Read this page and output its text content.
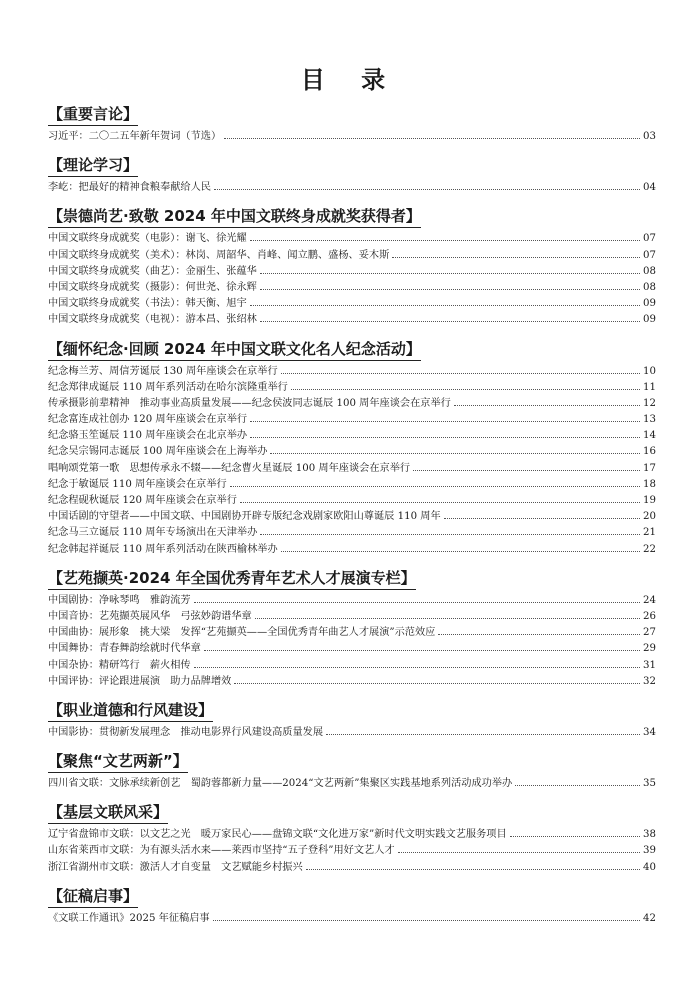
目 录
【重要言论】
习近平：二〇二五年新年贺词（节选）	03
【理论学习】
李屹：把最好的精神食粮奉献给人民	04
【崇德尚艺·致敬 2024 年中国文联终身成就奖获得者】
中国文联终身成就奖（电影）：谢飞、徐光耀	07
中国文联终身成就奖（美术）：林岗、周韶华、肖峰、闻立鹏、盛杨、妥木斯	07
中国文联终身成就奖（曲艺）：金丽生、张蕴华	08
中国文联终身成就奖（摄影）：何世尧、徐永辉	08
中国文联终身成就奖（书法）：韩天衡、旭宇	09
中国文联终身成就奖（电视）：游本昌、张绍林	09
【缅怀纪念·回顾 2024 年中国文联文化名人纪念活动】
纪念梅兰芳、周信芳诞辰 130 周年座谈会在京举行	10
纪念郑律成诞辰 110 周年系列活动在哈尔滨隆重举行	11
传承摄影前辈精神　推动事业高质量发展——纪念侯波同志诞辰 100 周年座谈会在京举行	12
纪念富连成社创办 120 周年座谈会在京举行	13
纪念骆玉笙诞辰 110 周年座谈会在北京举办	14
纪念吴宗锡同志诞辰 100 周年座谈会在上海举办	16
唱响颂党第一歌　思想传承永不辍——纪念曹火星诞辰 100 周年座谈会在京举行	17
纪念于敏诞辰 110 周年座谈会在京举行	18
纪念程砚秋诞辰 120 周年座谈会在京举行	19
中国话剧的守望者——中国文联、中国剧协开辟专版纪念戏剧家欧阳山尊诞辰 110 周年	20
纪念马三立诞辰 110 周年专场演出在天津举办	21
纪念韩起祥诞辰 110 周年系列活动在陕西榆林举办	22
【艺苑撷英·2024 年全国优秀青年艺术人才展演专栏】
中国剧协：净咏琴鸣　雅韵流芳	24
中国音协：艺苑撷英展风华　弓弦妙韵谱华章	26
中国曲协：展形象　挑大梁　发挥“艺苑撷英——全国优秀青年曲艺人才展演”示范效应	27
中国舞协：青春舞韵绘就时代华章	29
中国杂协：精研笃行　薪火相传	31
中国评协：评论跟进展演　助力品牌增效	32
【职业道德和行风建设】
中国影协：贯彻新发展理念　推动电影界行风建设高质量发展	34
【聚焦“文艺两新”】
四川省文联：文脉承续新创艺　蜀韵蓉都新力量——2024“文艺两新”集聚区实践基地系列活动成功举办	35
【基层文联风采】
辽宁省盘锦市文联：以文艺之光　暖万家民心——盘锦文联“文化进万家”新时代文明实践文艺服务项目	38
山东省莱西市文联：为有源头活水来——莱西市坚持“五子登科”用好文艺人才	39
浙江省湖州市文联：激活人才自变量　文艺赋能乡村振兴	40
【征稿启事】
《文联工作通讯》2025 年征稿启事	42
